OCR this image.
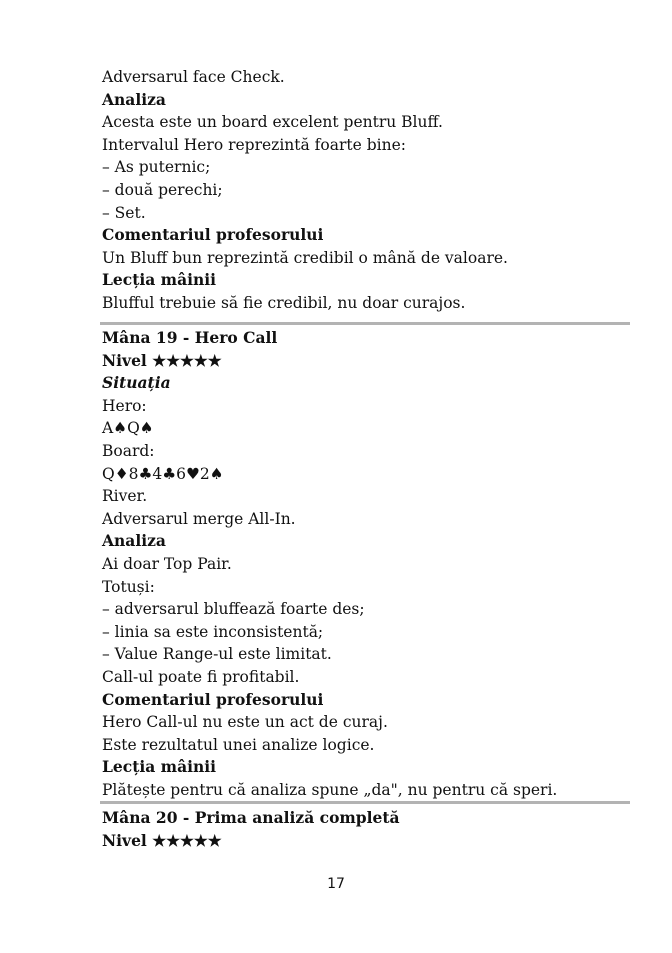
Adversarul face Check.
Analiza
Acesta este un board excelent pentru Bluff.
Intervalul Hero reprezintă foarte bine:
– As puternic;
– două perechi;
– Set.
Comentariul profesorului
Un Bluff bun reprezintă credibil o mână de valoare.
Lecția mâinii
Blufful trebuie să fie credibil, nu doar curajos.
Mâna 19 - Hero Call
Nivel ★★★★★
Situația
Hero:
A♠Q♠
Board:
Q♦8♣4♣6♥2♠
River.
Adversarul merge All-In.
Analiza
Ai doar Top Pair.
Totuși:
– adversarul bluffează foarte des;
– linia sa este inconsistentă;
– Value Range-ul este limitat.
Call-ul poate fi profitabil.
Comentariul profesorului
Hero Call-ul nu este un act de curaj.
Este rezultatul unei analize logice.
Lecția mâinii
Plătește pentru că analiza spune „da", nu pentru că speri.
Mâna 20 - Prima analiză completă
Nivel ★★★★★
17
